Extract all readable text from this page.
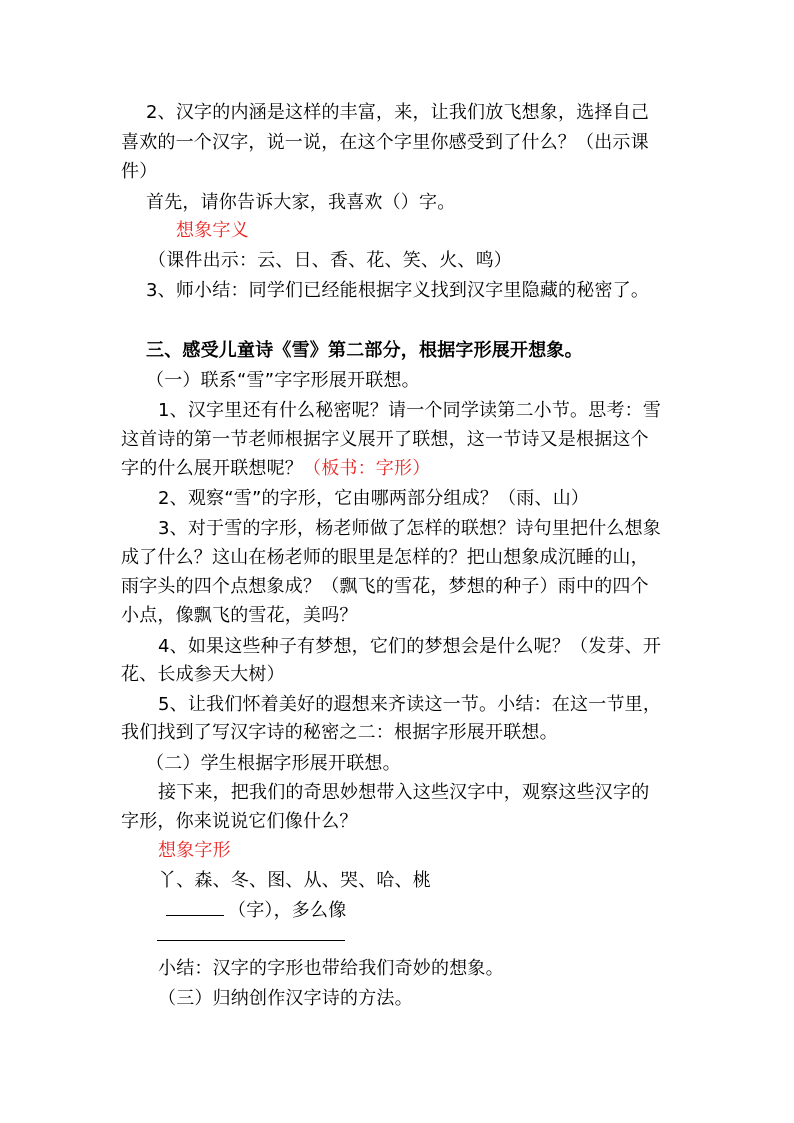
2、汉字的内涵是这样的丰富，来，让我们放飞想象，选择自己
喜欢的一个汉字，说一说，在这个字里你感受到了什么？（出示课
件）
首先，请你告诉大家，我喜欢（）字。
想象字义
（课件出示：云、日、香、花、笑、火、鸣）
3、师小结：同学们已经能根据字义找到汉字里隐藏的秘密了。
三、感受儿童诗《雪》第二部分，根据字形展开想象。
（一）联系“雪”字字形展开联想。
1、汉字里还有什么秘密呢？请一个同学读第二小节。思考：雪
这首诗的第一节老师根据字义展开了联想，这一节诗又是根据这个
字的什么展开联想呢？（板书：字形）
2、观察“雪”的字形，它由哪两部分组成？（雨、山）
3、对于雪的字形，杨老师做了怎样的联想？诗句里把什么想象
成了什么？这山在杨老师的眼里是怎样的？把山想象成沉睡的山，
雨字头的四个点想象成？（飘飞的雪花，梦想的种子）雨中的四个
小点，像飘飞的雪花，美吗？
4、如果这些种子有梦想，它们的梦想会是什么呢？（发芽、开
花、长成参天大树）
5、让我们怀着美好的遐想来齐读这一节。小结：在这一节里，
我们找到了写汉字诗的秘密之二：根据字形展开联想。
（二）学生根据字形展开联想。
接下来，把我们的奇思妙想带入这些汉字中，观察这些汉字的
字形，你来说说它们像什么？
想象字形
丫、森、冬、图、从、哭、哈、桃
（字），多么像
小结：汉字的字形也带给我们奇妙的想象。
（三）归纳创作汉字诗的方法。
